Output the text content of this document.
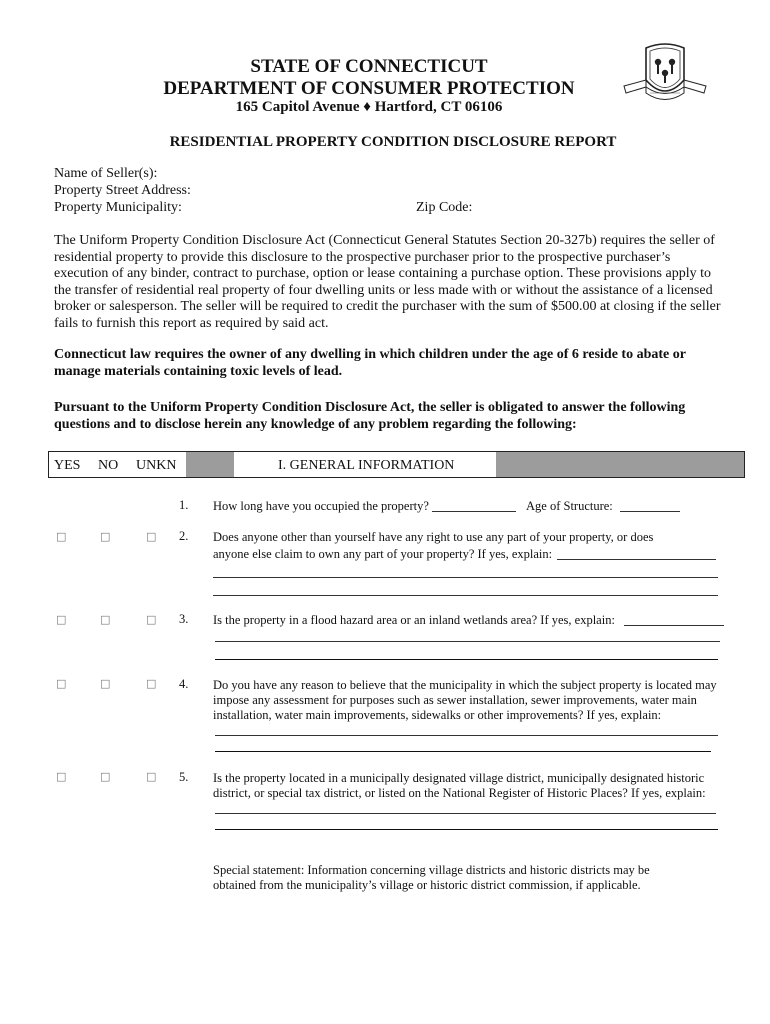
STATE OF CONNECTICUT
DEPARTMENT OF CONSUMER PROTECTION
165 Capitol Avenue ♦ Hartford, CT 06106
RESIDENTIAL PROPERTY CONDITION DISCLOSURE REPORT
Name of Seller(s):
Property Street Address:
Property Municipality:	Zip Code:
The Uniform Property Condition Disclosure Act (Connecticut General Statutes Section 20-327b) requires the seller of residential property to provide this disclosure to the prospective purchaser prior to the prospective purchaser’s execution of any binder, contract to purchase, option or lease containing a purchase option. These provisions apply to the transfer of residential real property of four dwelling units or less made with or without the assistance of a licensed broker or salesperson. The seller will be required to credit the purchaser with the sum of $500.00 at closing if the seller fails to furnish this report as required by said act.
Connecticut law requires the owner of any dwelling in which children under the age of 6 reside to abate or manage materials containing toxic levels of lead.
Pursuant to the Uniform Property Condition Disclosure Act, the seller is obligated to answer the following questions and to disclose herein any knowledge of any problem regarding the following:
YES NO UNKN	I. GENERAL INFORMATION
1. How long have you occupied the property?	Age of Structure:
□	□	□ 2. Does anyone other than yourself have any right to use any part of your property, or does
anyone else claim to own any part of your property? If yes, explain:
□	□	□ 3. Is the property in a flood hazard area or an inland wetlands area? If yes, explain:
□	□	□ 4. Do you have any reason to believe that the municipality in which the subject property is located may
impose any assessment for purposes such as sewer installation, sewer improvements, water main
installation, water main improvements, sidewalks or other improvements? If yes, explain:
□	□	□ 5. Is the property located in a municipally designated village district, municipally designated historic
district, or special tax district, or listed on the National Register of Historic Places? If yes, explain:
Special statement: Information concerning village districts and historic districts may be
obtained from the municipality’s village or historic district commission, if applicable.
